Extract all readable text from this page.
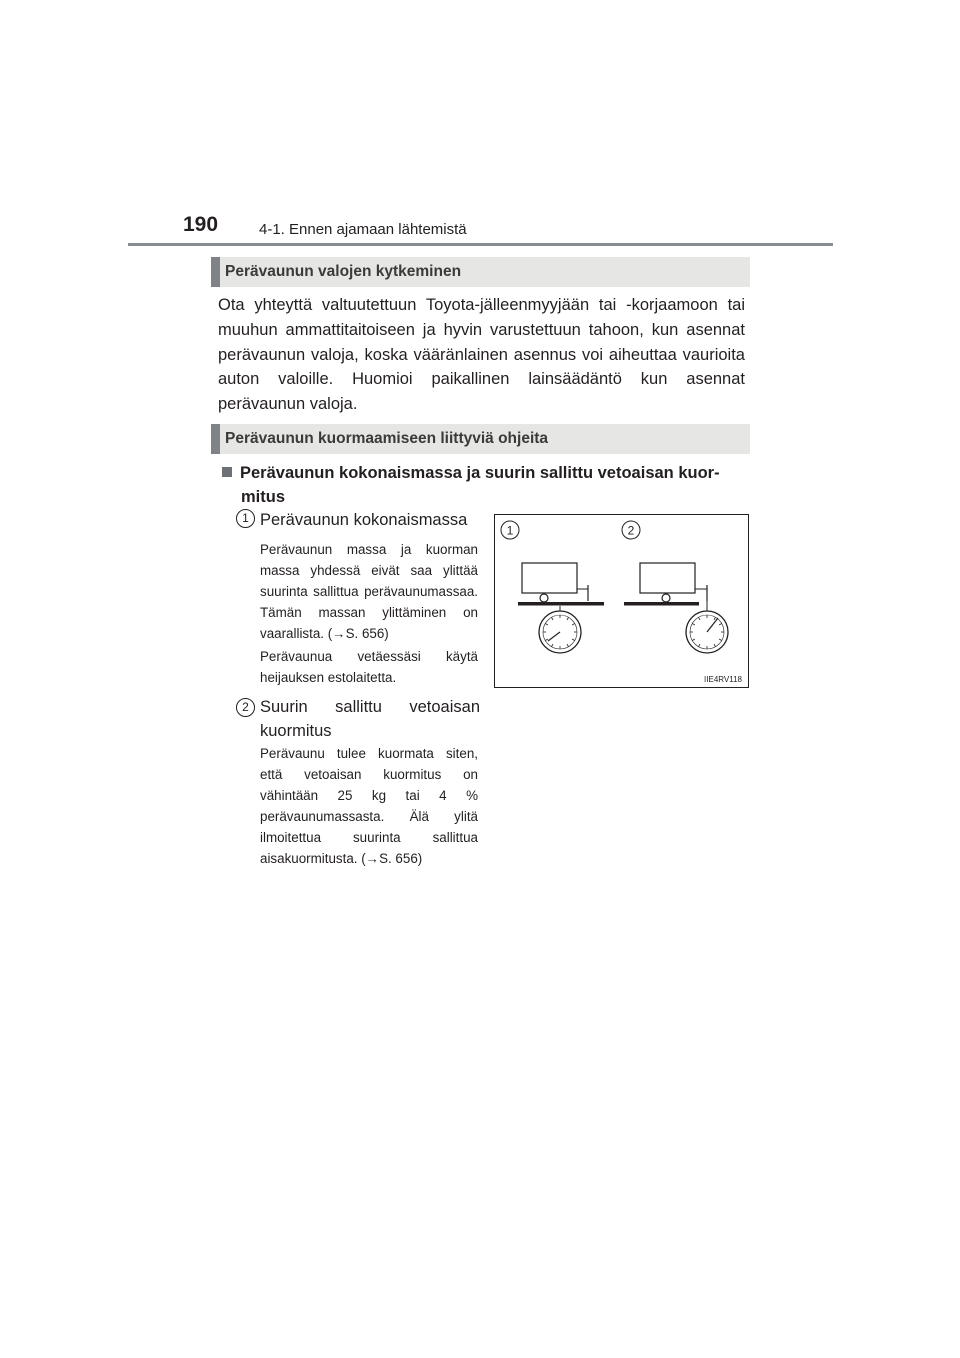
190	4-1. Ennen ajamaan lähtemistä
Perävaunun valojen kytkeminen
Ota yhteyttä valtuutettuun Toyota-jälleenmyyjään tai -korjaamoon tai muuhun ammattitaitoiseen ja hyvin varustettuun tahoon, kun asennat perävaunun valoja, koska vääränlainen asennus voi aiheuttaa vaurioita auton valoille. Huomioi paikallinen lainsäädäntö kun asennat perävaunun valoja.
Perävaunun kuormaamiseen liittyviä ohjeita
Perävaunun kokonaismassa ja suurin sallittu vetoaisan kuor-
mitus
1 Perävaunun kokonaismassa
Perävaunun massa ja kuorman massa yhdessä eivät saa ylittää suurinta sallittua perävaunumassaa. Tämän massan ylittäminen on vaarallista. (→S. 656)
Perävaunua vetäessäsi käytä heijauksen estolaitetta.
2 Suurin sallittu vetoaisan
kuormitus
Perävaunu tulee kuormata siten, että vetoaisan kuormitus on vähintään 25 kg tai 4 % perävaunumassasta. Älä ylitä ilmoitettua suurinta sallittua aisakuormitusta. (→S. 656)
1	2
IIE4RV118
